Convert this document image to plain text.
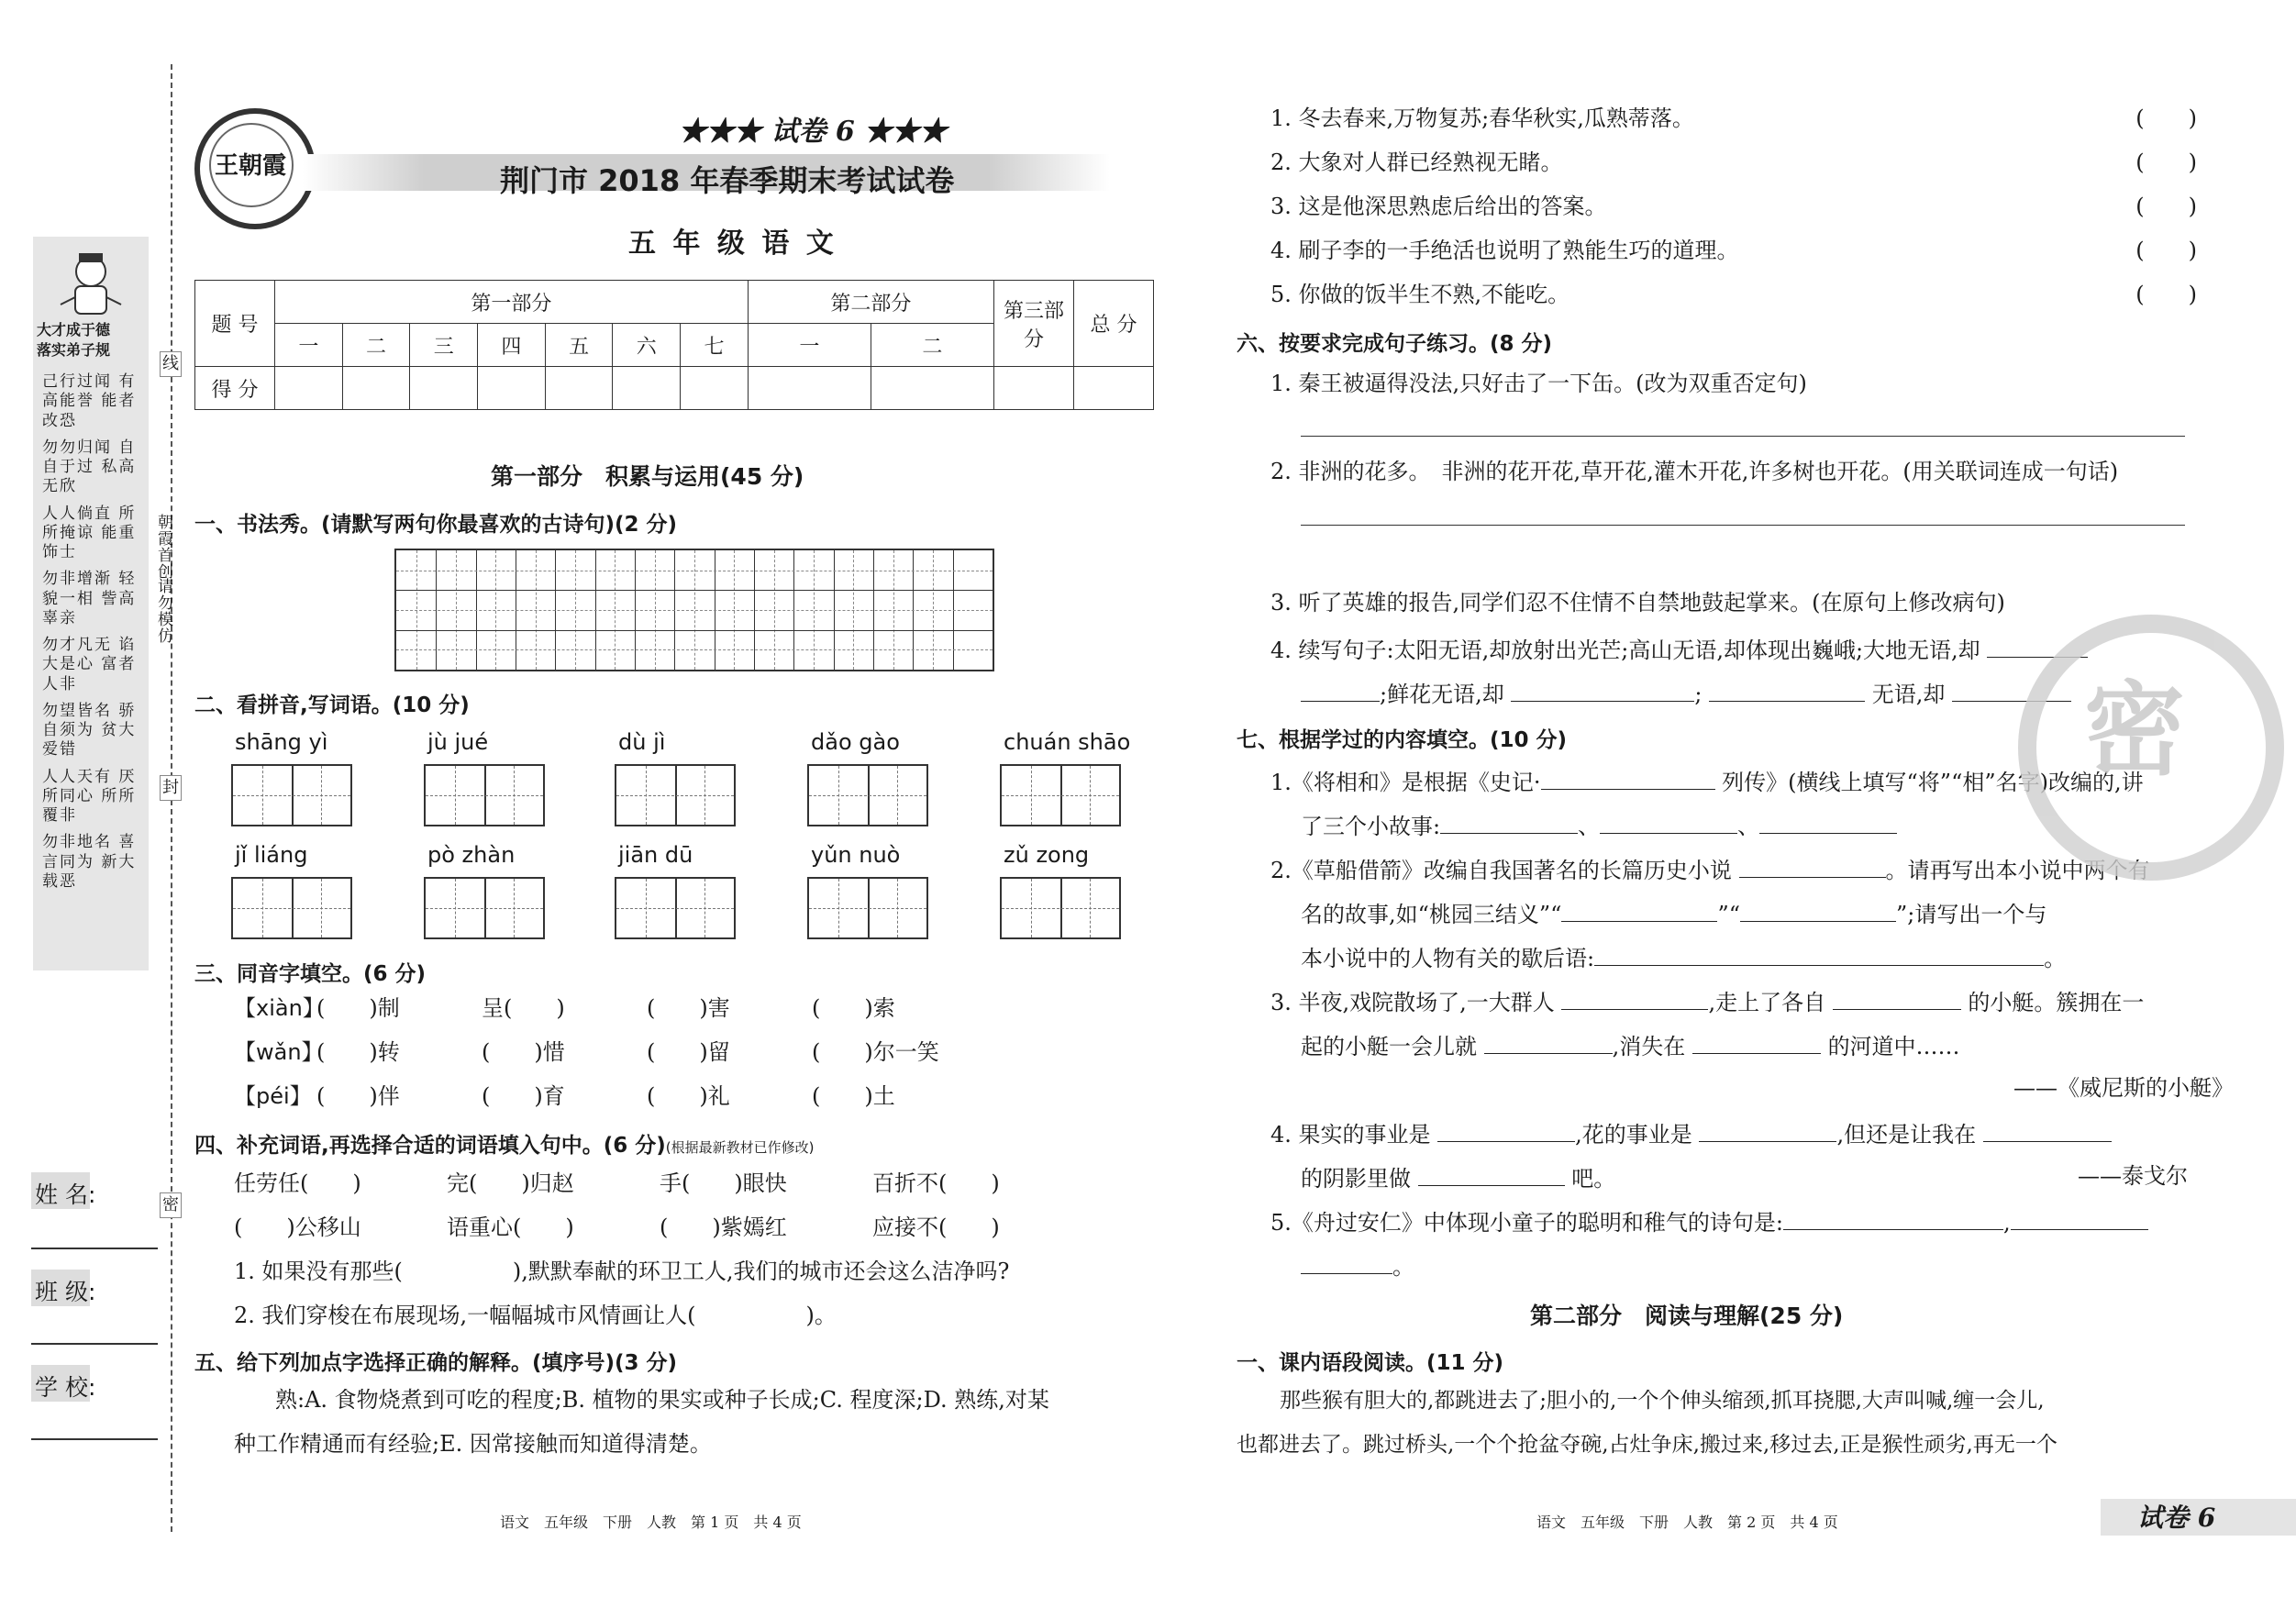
大才成于德
落实弟子规
己行过闻 有高能誉 能者改恐
勿勿归闻 自自于过 私高无欣
人人倘直 所所掩谅 能重饰士
勿非增渐 轻貌一相 訾高辜亲
勿才凡无 谄大是心 富者人非
勿望皆名 骄自须为 贫大爱错
人人天有 厌所同心 所所覆非
勿非地名 喜言同为 新大载恶
朝霞首创
请勿模仿
线
封
密
姓 名:
班 级:
学 校:
王朝霞
★★★ 试卷 6 ★★★
荆门市 2018 年春季期末考试试卷
五 年 级 语 文
题 号	第一部分							第二部分		第三部分	总 分
	一	二	三	四	五	六	七	一	二		
得 分											
第一部分　积累与运用(45 分)
一、书法秀。(请默写两句你最喜欢的古诗句)(2 分)
二、看拼音,写词语。(10 分)
shāng yì	jù jué	dù jì	dǎo gào	chuán shāo
jǐ liáng	pò zhàn	jiān dū	yǔn nuò	zǔ zong
三、同音字填空。(6 分)
【xiàn】(　　)制	呈(　　)	(　　)害	(　　)索
【wǎn】(　　)转	(　　)惜	(　　)留	(　　)尔一笑
【péi】 (　　)伴	(　　)育	(　　)礼	(　　)土
四、补充词语,再选择合适的词语填入句中。(6 分)(根据最新教材已作修改)
任劳任(　　)	完(　　)归赵	手(　　)眼快	百折不(　　)
(　　)公移山	语重心(　　)	(　　)紫嫣红	应接不(　　)
1. 如果没有那些(　　　　　),默默奉献的环卫工人,我们的城市还会这么洁净吗?
2. 我们穿梭在布展现场,一幅幅城市风情画让人(　　　　　)。
五、给下列加点字选择正确的解释。(填序号)(3 分)
熟:A. 食物烧煮到可吃的程度;B. 植物的果实或种子长成;C. 程度深;D. 熟练,对某
种工作精通而有经验;E. 因常接触而知道得清楚。
语文　五年级　下册　人教　第 1 页　共 4 页
1. 冬去春来,万物复苏;春华秋实,瓜熟蒂落。	(　　)
2. 大象对人群已经熟视无睹。	(　　)
3. 这是他深思熟虑后给出的答案。	(　　)
4. 刷子李的一手绝活也说明了熟能生巧的道理。	(　　)
5. 你做的饭半生不熟,不能吃。	(　　)
六、按要求完成句子练习。(8 分)
1. 秦王被逼得没法,只好击了一下缶。(改为双重否定句)
2. 非洲的花多。　非洲的花开花,草开花,灌木开花,许多树也开花。(用关联词连成一句话)
3. 听了英雄的报告,同学们忍不住情不自禁地鼓起掌来。(在原句上修改病句)
4. 续写句子:太阳无语,却放射出光芒;高山无语,却体现出巍峨;大地无语,却
;鲜花无语,却	;	无语,却
七、根据学过的内容填空。(10 分)
1.《将相和》是根据《史记·	列传》(横线上填写“将”“相”名字)改编的,讲
了三个小故事:	、	、
2.《草船借箭》改编自我国著名的长篇历史小说	。请再写出本小说中两个有
名的故事,如“桃园三结义”“	”“	”;请写出一个与
本小说中的人物有关的歇后语:	。
3. 半夜,戏院散场了,一大群人	,走上了各自	的小艇。簇拥在一
起的小艇一会儿就	,消失在	的河道中……
——《威尼斯的小艇》
4. 果实的事业是	,花的事业是	,但还是让我在
的阴影里做	吧。	——泰戈尔
5.《舟过安仁》中体现小童子的聪明和稚气的诗句是:	,
。
第二部分　阅读与理解(25 分)
一、课内语段阅读。(11 分)
那些猴有胆大的,都跳进去了;胆小的,一个个伸头缩颈,抓耳挠腮,大声叫喊,缠一会儿,
也都进去了。跳过桥头,一个个抢盆夺碗,占灶争床,搬过来,移过去,正是猴性顽劣,再无一个
语文　五年级　下册　人教　第 2 页　共 4 页	试卷 6
密
